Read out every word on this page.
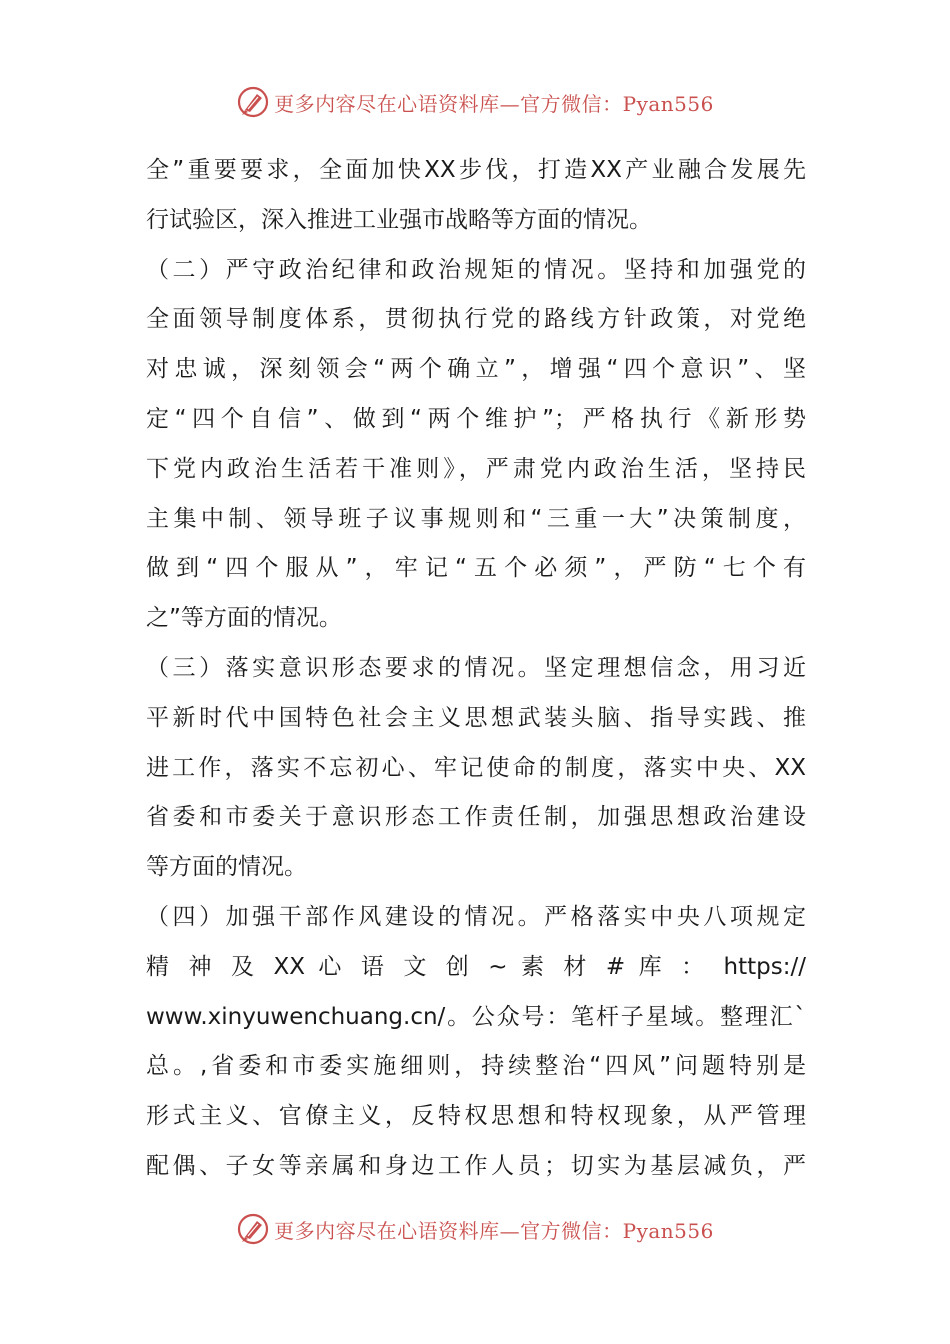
更多内容尽在心语资料库—官方微信：Pyan556
全”重要要求，全面加快XX步伐，打造XX产业融合发展先
行试验区，深入推进工业强市战略等方面的情况。
（二）严守政治纪律和政治规矩的情况。坚持和加强党的
全面领导制度体系，贯彻执行党的路线方针政策，对党绝
对忠诚，深刻领会“两个确立”，增强“四个意识”、坚
定“四个自信”、做到“两个维护”；严格执行《新形势
下党内政治生活若干准则》，严肃党内政治生活，坚持民
主集中制、领导班子议事规则和“三重一大”决策制度，
做到“四个服从”，牢记“五个必须”，严防“七个有
之”等方面的情况。
（三）落实意识形态要求的情况。坚定理想信念，用习近
平新时代中国特色社会主义思想武装头脑、指导实践、推
进工作，落实不忘初心、牢记使命的制度，落实中央、XX
省委和市委关于意识形态工作责任制，加强思想政治建设
等方面的情况。
（四）加强干部作风建设的情况。严格落实中央八项规定
精 神 及 XX 心 语 文 创 ~ 素 材 # 库 ： https://
www.xinyuwenchuang.cn/。公众号：笔杆子星域。整理汇`
总。,省委和市委实施细则，持续整治“四风”问题特别是
形式主义、官僚主义，反特权思想和特权现象，从严管理
配偶、子女等亲属和身边工作人员；切实为基层减负，严
更多内容尽在心语资料库—官方微信：Pyan556
